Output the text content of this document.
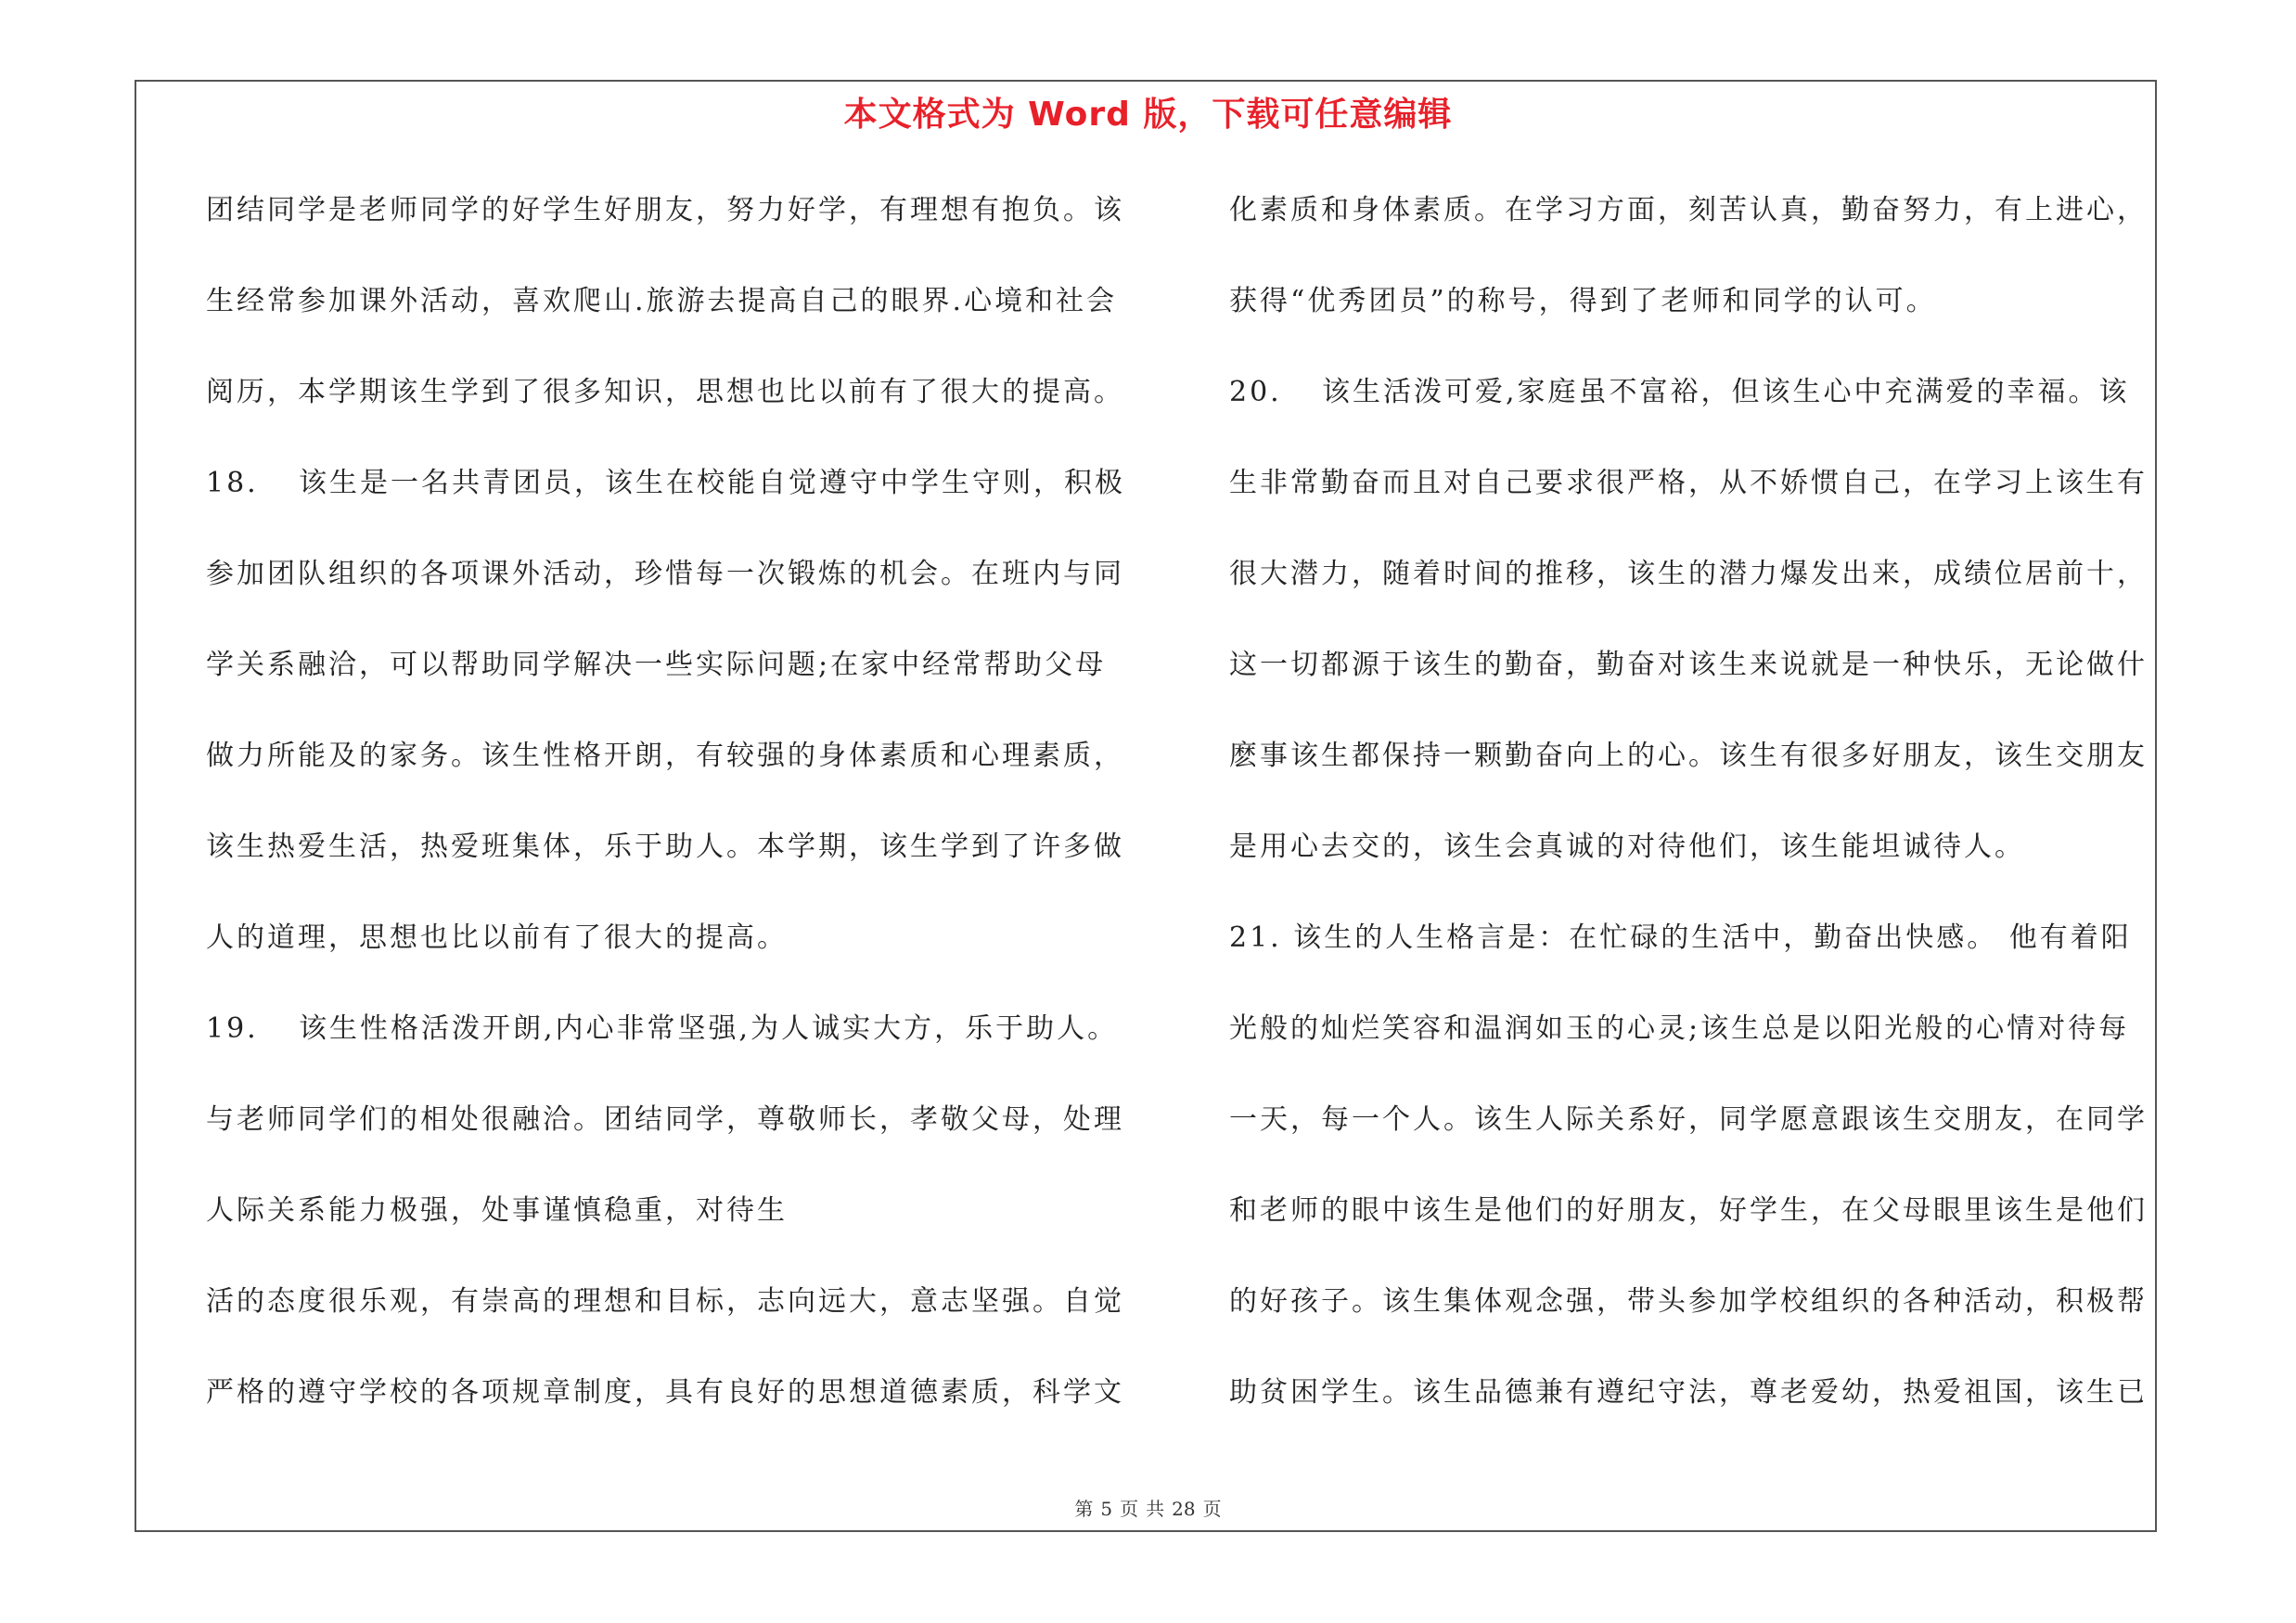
本文格式为 Word 版，下载可任意编辑
团结同学是老师同学的好学生好朋友，努力好学，有理想有抱负。该
生经常参加课外活动，喜欢爬山.旅游去提高自己的眼界.心境和社会
阅历，本学期该生学到了很多知识，思想也比以前有了很大的提高。
18. 该生是一名共青团员，该生在校能自觉遵守中学生守则，积极
参加团队组织的各项课外活动，珍惜每一次锻炼的机会。在班内与同
学关系融洽，可以帮助同学解决一些实际问题;在家中经常帮助父母
做力所能及的家务。该生性格开朗，有较强的身体素质和心理素质，
该生热爱生活，热爱班集体，乐于助人。本学期，该生学到了许多做
人的道理，思想也比以前有了很大的提高。
19. 该生性格活泼开朗,内心非常坚强,为人诚实大方，乐于助人。
与老师同学们的相处很融洽。团结同学，尊敬师长，孝敬父母，处理
人际关系能力极强，处事谨慎稳重，对待生
活的态度很乐观，有崇高的理想和目标，志向远大，意志坚强。自觉
严格的遵守学校的各项规章制度，具有良好的思想道德素质，科学文
化素质和身体素质。在学习方面，刻苦认真，勤奋努力，有上进心，
获得“优秀团员”的称号，得到了老师和同学的认可。
20. 该生活泼可爱,家庭虽不富裕，但该生心中充满爱的幸福。该
生非常勤奋而且对自己要求很严格，从不娇惯自己，在学习上该生有
很大潜力，随着时间的推移，该生的潜力爆发出来，成绩位居前十，
这一切都源于该生的勤奋，勤奋对该生来说就是一种快乐，无论做什
麽事该生都保持一颗勤奋向上的心。该生有很多好朋友，该生交朋友
是用心去交的，该生会真诚的对待他们，该生能坦诚待人。
21. 该生的人生格言是：在忙碌的生活中，勤奋出快感。 他有着阳
光般的灿烂笑容和温润如玉的心灵;该生总是以阳光般的心情对待每
一天，每一个人。该生人际关系好，同学愿意跟该生交朋友，在同学
和老师的眼中该生是他们的好朋友，好学生，在父母眼里该生是他们
的好孩子。该生集体观念强，带头参加学校组织的各种活动，积极帮
助贫困学生。该生品德兼有遵纪守法，尊老爱幼，热爱祖国，该生已
第 5 页 共 28 页
